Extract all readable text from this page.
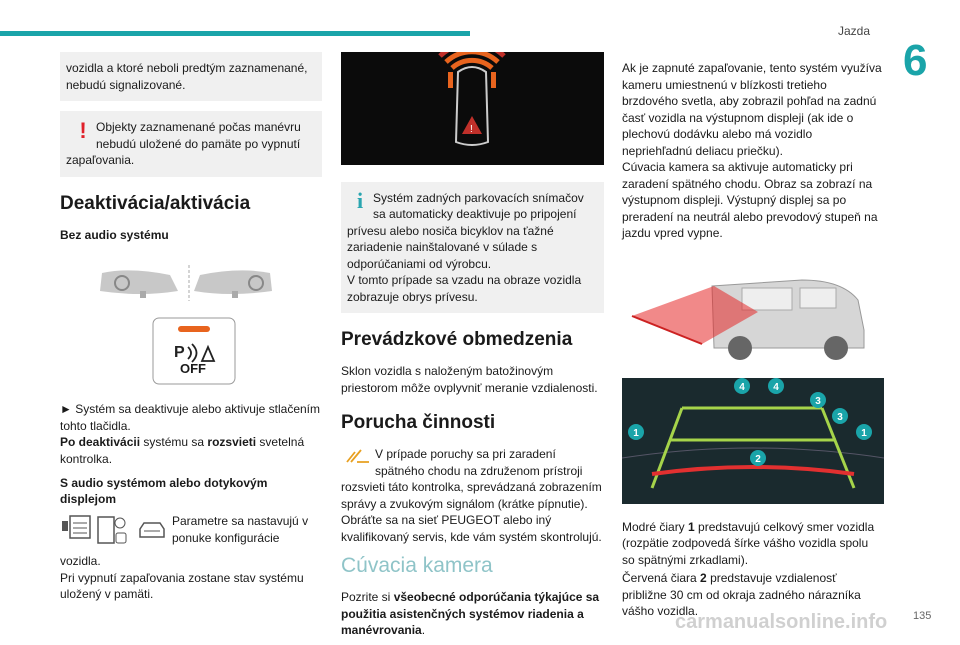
Jazda
6

vozidla a ktoré neboli predtým zaznamenané, nebudú signalizované.

! Objekty zaznamenané počas manévru nebudú uložené do pamäte po vypnutí zapaľovania.

Deaktivácia/aktivácia
Bez audio systému
P
OFF

► Systém sa deaktivuje alebo aktivuje stlačením tohto tlačidla.

Po deaktivácii systému sa rozsvieti svetelná kontrolka.

S audio systémom alebo dotykovým displejom
Parametre sa nastavujú v ponuke konfigurácie

vozidla.

Pri vypnutí zapaľovania zostane stav systému uložený v pamäti.

!
i Systém zadných parkovacích snímačov sa automaticky deaktivuje po pripojení prívesu alebo nosiča bicyklov na ťažné zariadenie nainštalované v súlade s odporúčaniami od výrobcu.

V tomto prípade sa vzadu na obraze vozidla zobrazuje obrys prívesu.

Prevádzkové obmedzenia

Sklon vozidla s naloženým batožinovým priestorom môže ovplyvniť meranie vzdialenosti.

Porucha činnosti

V prípade poruchy sa pri zaradení spätného chodu na združenom prístroji rozsvieti táto kontrolka, sprevádzaná zobrazením správy a zvukovým signálom (krátke pípnutie). Obráťte sa na sieť PEUGEOT alebo iný kvalifikovaný servis, kde vám systém skontrolujú.

Cúvacia kamera

Pozrite si všeobecné odporúčania týkajúce sa použitia asistenčných systémov riadenia a manévrovania.

Ak je zapnuté zapaľovanie, tento systém využíva kameru umiestnenú v blízkosti tretieho brzdového svetla, aby zobrazil pohľad na zadnú časť vozidla na výstupnom displeji (ak ide o plechovú dodávku alebo má vozidlo nepriehľadnú deliacu priečku).

Cúvacia kamera sa aktivuje automaticky pri zaradení spätného chodu. Obraz sa zobrazí na výstupnom displeji. Výstupný displej sa po preradení na neutrál alebo prevodový stupeň na jazdu vpred vypne.

1	1
2
3
3
4	4

Modré čiary 1 predstavujú celkový smer vozidla (rozpätie zodpovedá šírke vášho vozidla spolu so spätnými zrkadlami).

Červená čiara 2 predstavuje vzdialenosť približne 30 cm od okraja zadného nárazníka vášho vozidla.

carmanualsonline.info 135
